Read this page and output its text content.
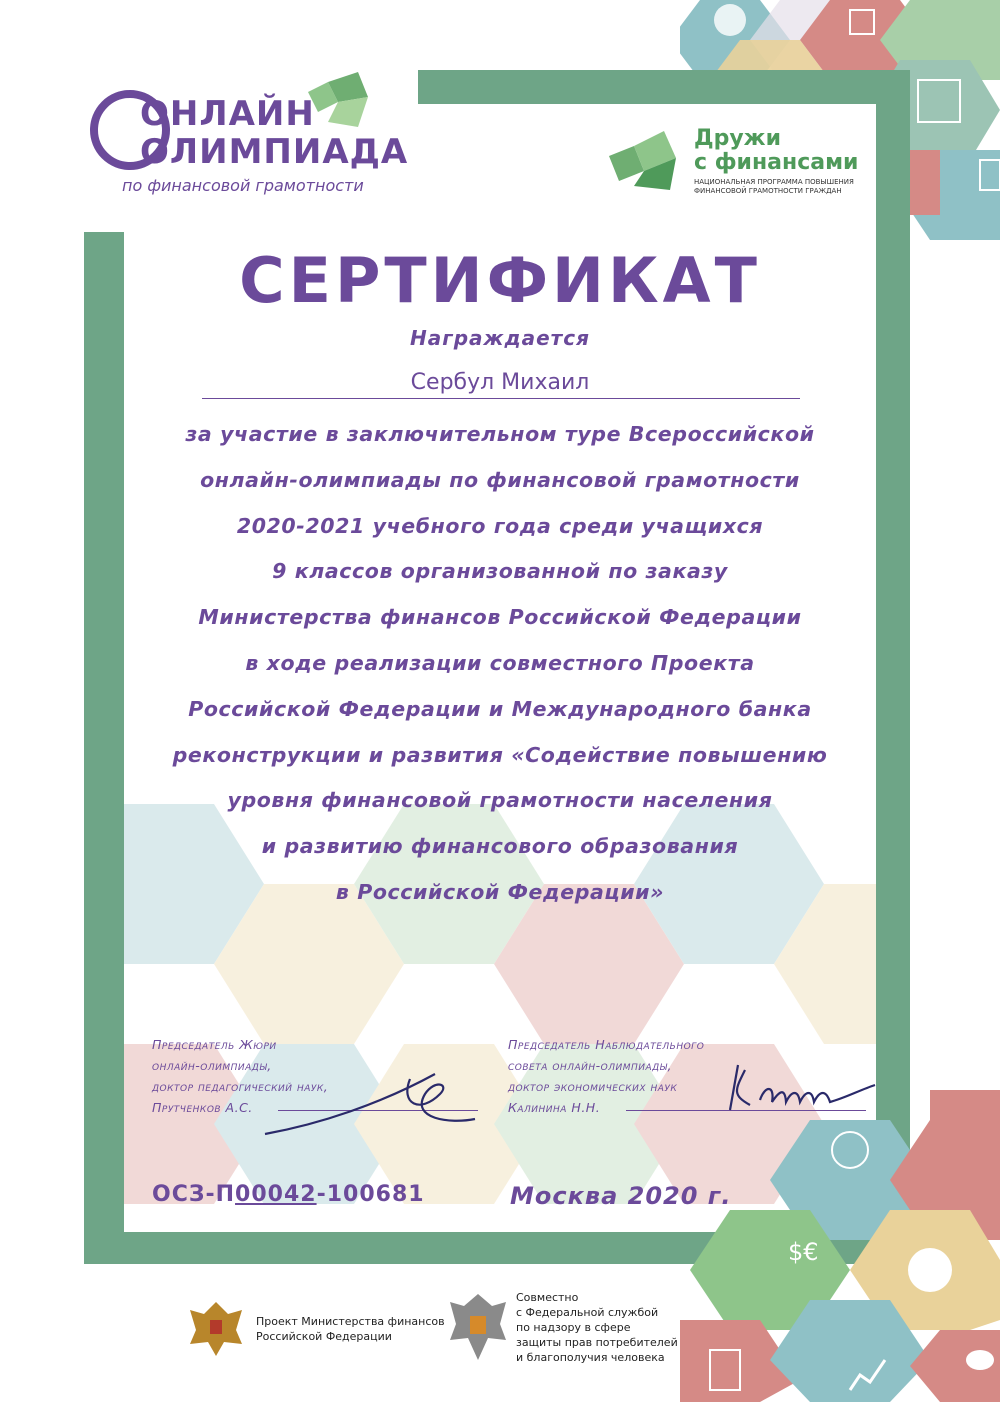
ОНЛАЙН
ОЛИМПИАДА
по финансовой грамотности
Дружи
с финансами
НАЦИОНАЛЬНАЯ ПРОГРАММА ПОВЫШЕНИЯ
ФИНАНСОВОЙ ГРАМОТНОСТИ ГРАЖДАН
СЕРТИФИКАТ
Награждается
Сербул Михаил
за участие в заключительном туре Всероссийской
онлайн-олимпиады по финансовой грамотности
2020-2021 учебного года среди учащихся
9 классов организованной по заказу
Министерства финансов Российской Федерации
в ходе реализации совместного Проекта
Российской Федерации и Международного банка
реконструкции и развития «Содействие повышению
уровня финансовой грамотности населения
и развитию финансового образования
в Российской Федерации»
Председатель Жюри
онлайн-олимпиады,
доктор педагогический наук,
Прутченков А.С.
Председатель Наблюдательного
совета онлайн-олимпиады,
доктор экономических наук
Калинина Н.Н.
ОСЗ-П00042-100681	Москва 2020 г.
$€
Проект Министерства финансов
Российской Федерации
Совместно
с Федеральной службой
по надзору в сфере
защиты прав потребителей
и благополучия человека
